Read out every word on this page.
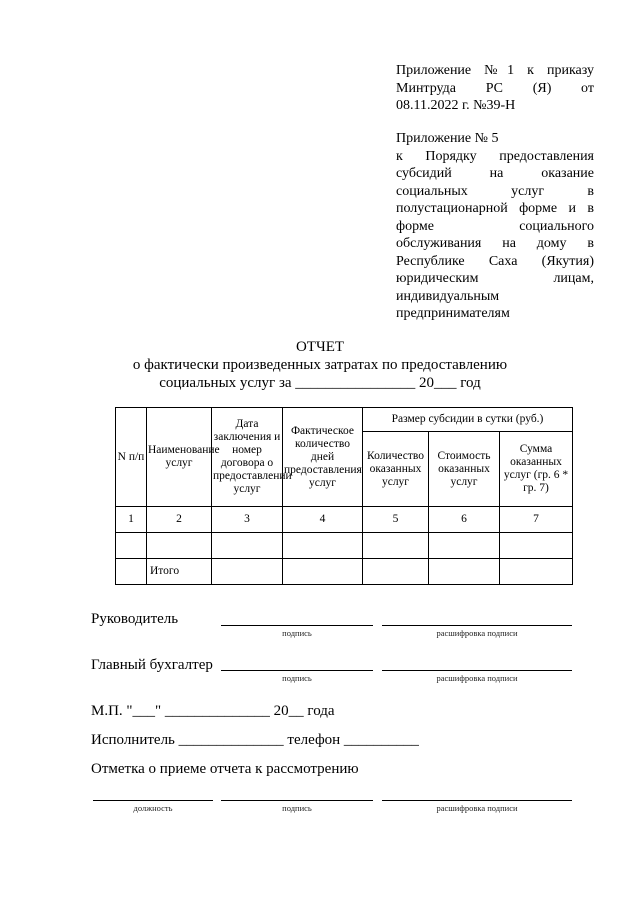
Приложение №1 к приказу
Минтруда РС (Я) от
08.11.2022 г. №39-Н
Приложение № 5
к Порядку предоставления
субсидий на оказание
социальных услуг в
полустационарной форме и в
форме социального
обслуживания на дому в
Республике Саха (Якутия)
юридическим лицам,
индивидуальным
предпринимателям
ОТЧЕТ
о фактически произведенных затратах по предоставлению
социальных услуг за ________________ 20___ год
N п/п	Наименование услуг	Дата заключения и номер договора о предоставлении услуг	Фактическое количество дней предоставления услуг	Размер субсидии в сутки (руб.)		
				Количество оказанных услуг	Стоимость оказанных услуг	Сумма оказанных услуг (гр. 6 * гр. 7)
1	2	3	4	5	6	7

	Итого					
Руководитель
подпись	расшифровка подписи
Главный бухгалтер
подпись	расшифровка подписи
М.П. "___" ______________ 20__ года
Исполнитель ______________ телефон __________
Отметка о приеме отчета к рассмотрению
должность	подпись	расшифровка подписи
